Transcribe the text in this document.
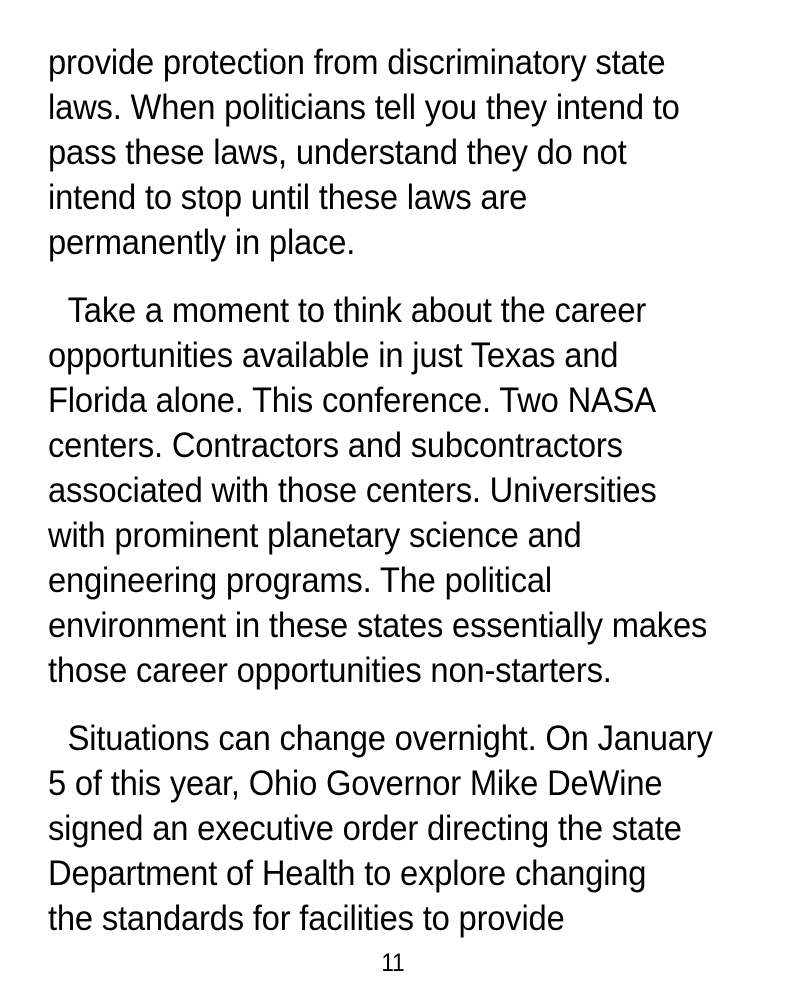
provide protection from discriminatory state
laws. When politicians tell you they intend to
pass these laws, understand they do not
intend to stop until these laws are
permanently in place.

Take a moment to think about the career
opportunities available in just Texas and
Florida alone. This conference. Two NASA
centers. Contractors and subcontractors
associated with those centers. Universities
with prominent planetary science and
engineering programs. The political
environment in these states essentially makes
those career opportunities non-starters.

Situations can change overnight. On January
5 of this year, Ohio Governor Mike DeWine
signed an executive order directing the state
Department of Health to explore changing
the standards for facilities to provide

11
